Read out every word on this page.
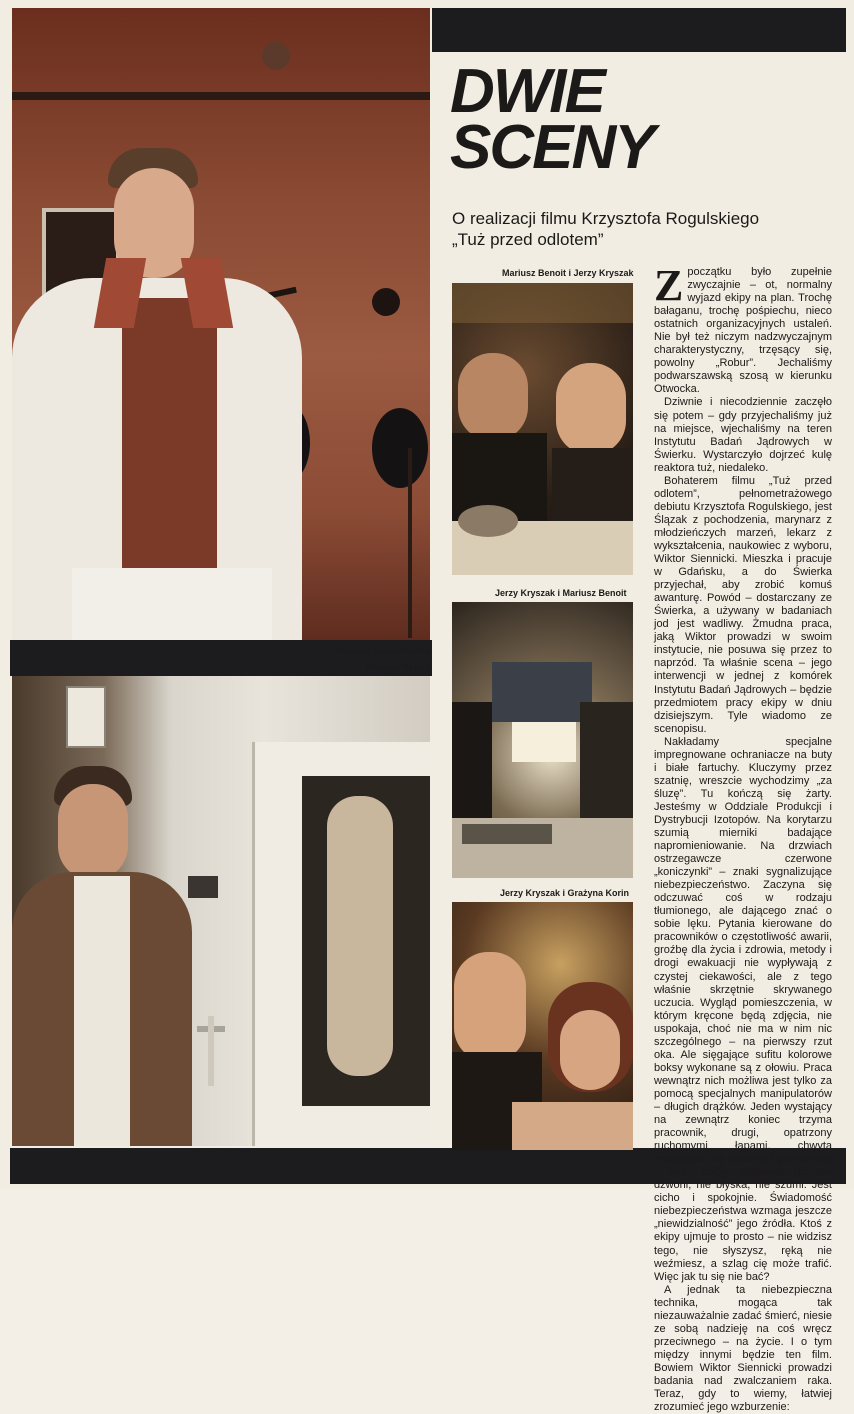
DWIE
SCENY
O realizacji filmu Krzysztofa Rogulskiego
„Tuż przed odlotem”
Mariusz Benoit i Jerzy Kryszak
Grażyna Szapołowska
Mariusz Benoit
Jerzy Kryszak i Mariusz Benoit
Jerzy Kryszak i Grażyna Korin
Z początku było zupełnie zwyczajnie – ot, normalny wyjazd ekipy na plan. Trochę bałaganu, trochę pośpiechu, nieco ostatnich organizacyjnych ustaleń. Nie był też niczym nadzwyczajnym charakterystyczny, trzęsący się, powolny „Robur”. Jechaliśmy podwarszawską szosą w kierunku Otwocka.

Dziwnie i niecodziennie zaczęło się potem – gdy przyjechaliśmy już na miejsce, wjechaliśmy na teren Instytutu Badań Jądrowych w Świerku. Wystarczyło dojrzeć kulę reaktora tuż, niedaleko.

Bohaterem filmu „Tuż przed odlotem”, pełnometrażowego debiutu Krzysztofa Rogulskiego, jest Ślązak z pochodzenia, marynarz z młodzieńczych marzeń, lekarz z wykształcenia, naukowiec z wyboru, Wiktor Siennicki. Mieszka i pracuje w Gdańsku, a do Świerka przyjechał, aby zrobić komuś awanturę. Powód – dostarczany ze Świerka, a używany w badaniach jod jest wadliwy. Żmudna praca, jaką Wiktor prowadzi w swoim instytucie, nie posuwa się przez to naprzód. Ta właśnie scena – jego interwencji w jednej z komórek Instytutu Badań Jądrowych – będzie przedmiotem pracy ekipy w dniu dzisiejszym. Tyle wiadomo ze scenopisu.

Nakładamy specjalne impregnowane ochraniacze na buty i białe fartuchy. Kluczymy przez szatnię, wreszcie wychodzimy „za śluzę”. Tu kończą się żarty. Jesteśmy w Oddziale Produkcji i Dystrybucji Izotopów. Na korytarzu szumią mierniki badające napromieniowanie. Na drzwiach ostrzegawcze czerwone „koniczynki” – znaki sygnalizujące niebezpieczeństwo. Zaczyna się odczuwać coś w rodzaju tłumionego, ale dającego znać o sobie lęku. Pytania kierowane do pracowników o częstotliwość awarii, groźbę dla życia i zdrowia, metody i drogi ewakuacji nie wypływają z czystej ciekawości, ale z tego właśnie skrzętnie skrywanego uczucia. Wygląd pomieszczenia, w którym kręcone będą zdjęcia, nie uspokaja, choć nie ma w nim nic szczególnego – na pierwszy rzut oka. Ale sięgające sufitu kolorowe boksy wykonane są z ołowiu. Praca wewnątrz nich możliwa jest tylko za pomocą specjalnych manipulatorów – długich drążków. Jeden wystający na zewnątrz koniec trzyma pracownik, drugi, opatrzony ruchomymi łapami, chwyta znajdujące się wewnątrz przedmioty – fiolki, kolby, probówki. Nic nie dzwoni, nie błyska, nie szumi. Jest cicho i spokojnie. Świadomość niebezpieczeństwa wzmaga jeszcze „niewidzialność” jego źródła. Ktoś z ekipy ujmuje to prosto – nie widzisz tego, nie słyszysz, ręką nie weźmiesz, a szlag cię może trafić. Więc jak tu się nie bać?

A jednak ta niebezpieczna technika, mogąca tak niezauważalnie zadać śmierć, niesie ze sobą nadzieję na coś wręcz przeciwnego – na życie. I o tym między innymi będzie ten film. Bowiem Wiktor Siennicki prowadzi badania nad zwalczaniem raka. Teraz, gdy to wiemy, łatwiej zrozumieć jego wzburzenie:
